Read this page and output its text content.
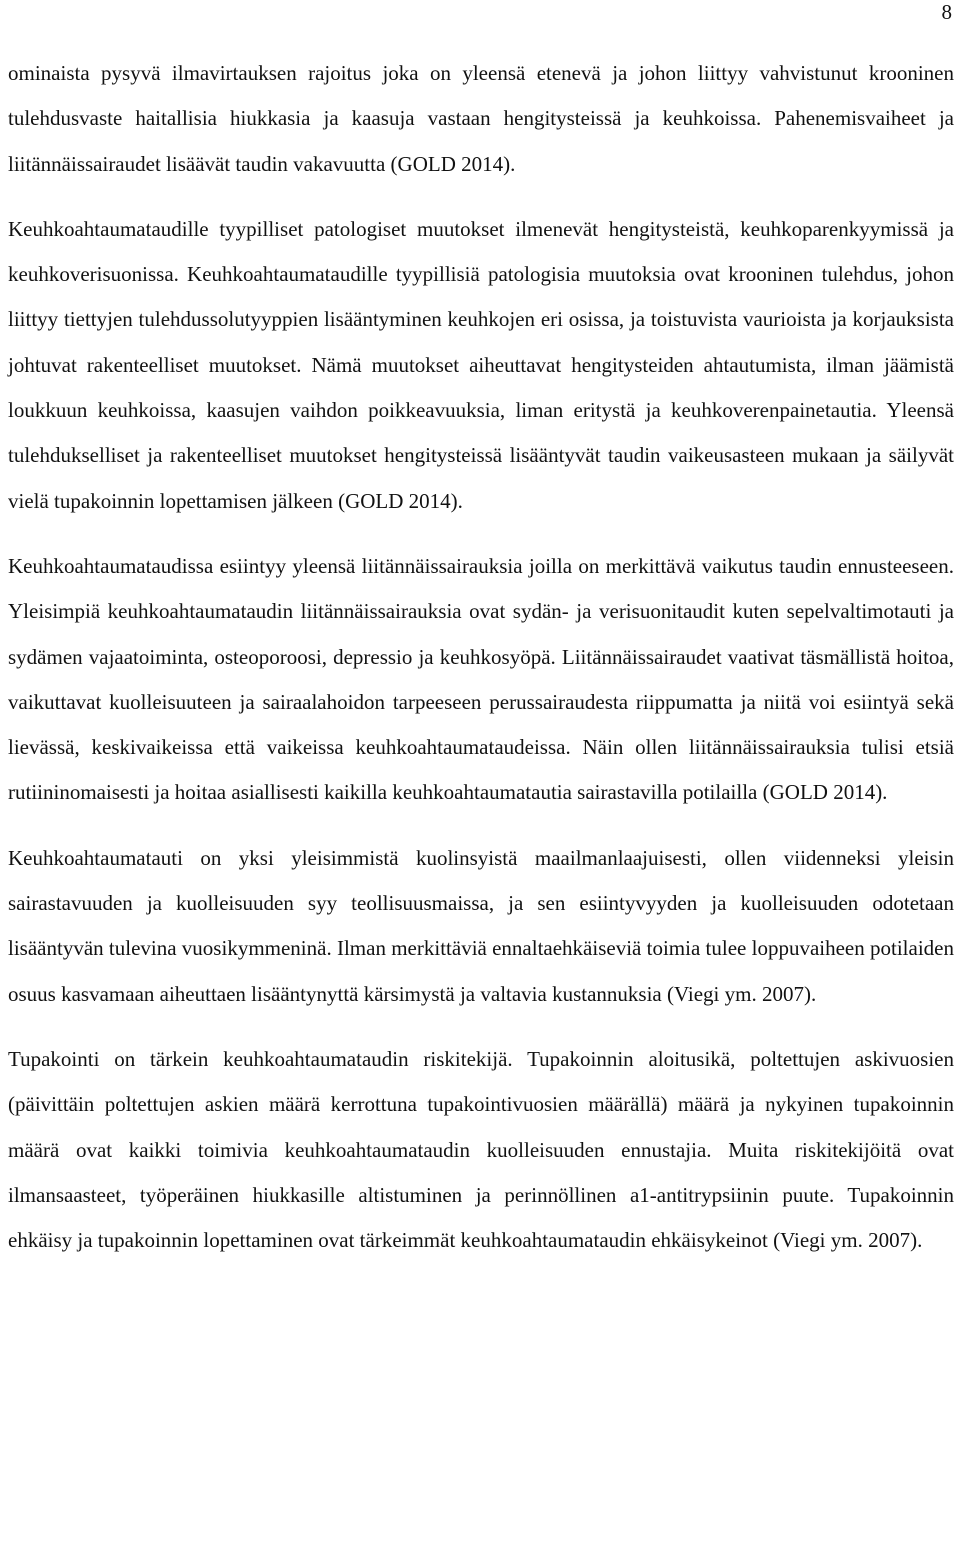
8

ominaista pysyvä ilmavirtauksen rajoitus joka on yleensä etenevä ja johon liittyy vahvistunut krooninen tulehdusvaste haitallisia hiukkasia ja kaasuja vastaan hengitysteissä ja keuhkoissa. Pahenemisvaiheet ja liitännäissairaudet lisäävät taudin vakavuutta (GOLD 2014).

Keuhkoahtaumataudille tyypilliset patologiset muutokset ilmenevät hengitysteistä, keuhkoparenkyymissä ja keuhkoverisuonissa. Keuhkoahtaumataudille tyypillisiä patologisia muutoksia ovat krooninen tulehdus, johon liittyy tiettyjen tulehdussolutyyppien lisääntyminen keuhkojen eri osissa, ja toistuvista vaurioista ja korjauksista johtuvat rakenteelliset muutokset. Nämä muutokset aiheuttavat hengitysteiden ahtautumista, ilman jäämistä loukkuun keuhkoissa, kaasujen vaihdon poikkeavuuksia, liman eritystä ja keuhkoverenpainetautia. Yleensä tulehdukselliset ja rakenteelliset muutokset hengitysteissä lisääntyvät taudin vaikeusasteen mukaan ja säilyvät vielä tupakoinnin lopettamisen jälkeen (GOLD 2014).

Keuhkoahtaumataudissa esiintyy yleensä liitännäissairauksia joilla on merkittävä vaikutus taudin ennusteeseen. Yleisimpiä keuhkoahtaumataudin liitännäissairauksia ovat sydän- ja verisuonitaudit kuten sepelvaltimotauti ja sydämen vajaatoiminta, osteoporoosi, depressio ja keuhkosyöpä. Liitännäissairaudet vaativat täsmällistä hoitoa, vaikuttavat kuolleisuuteen ja sairaalahoidon tarpeeseen perussairaudesta riippumatta ja niitä voi esiintyä sekä lievässä, keskivaikeissa että vaikeissa keuhkoahtaumataudeissa. Näin ollen liitännäissairauksia tulisi etsiä rutiininomaisesti ja hoitaa asiallisesti kaikilla keuhkoahtaumatautia sairastavilla potilailla (GOLD 2014).

Keuhkoahtaumatauti on yksi yleisimmistä kuolinsyistä maailmanlaajuisesti, ollen viidenneksi yleisin sairastavuuden ja kuolleisuuden syy teollisuusmaissa, ja sen esiintyvyyden ja kuolleisuuden odotetaan lisääntyvän tulevina vuosikymmeninä. Ilman merkittäviä ennaltaehkäiseviä toimia tulee loppuvaiheen potilaiden osuus kasvamaan aiheuttaen lisääntynyttä kärsimystä ja valtavia kustannuksia (Viegi ym. 2007).

Tupakointi on tärkein keuhkoahtaumataudin riskitekijä. Tupakoinnin aloitusikä, poltettujen askivuosien (päivittäin poltettujen askien määrä kerrottuna tupakointivuosien määrällä) määrä ja nykyinen tupakoinnin määrä ovat kaikki toimivia keuhkoahtaumataudin kuolleisuuden ennustajia. Muita riskitekijöitä ovat ilmansaasteet, työperäinen hiukkasille altistuminen ja perinnöllinen a1-antitrypsiinin puute. Tupakoinnin ehkäisy ja tupakoinnin lopettaminen ovat tärkeimmät keuhkoahtaumataudin ehkäisykeinot (Viegi ym. 2007).
